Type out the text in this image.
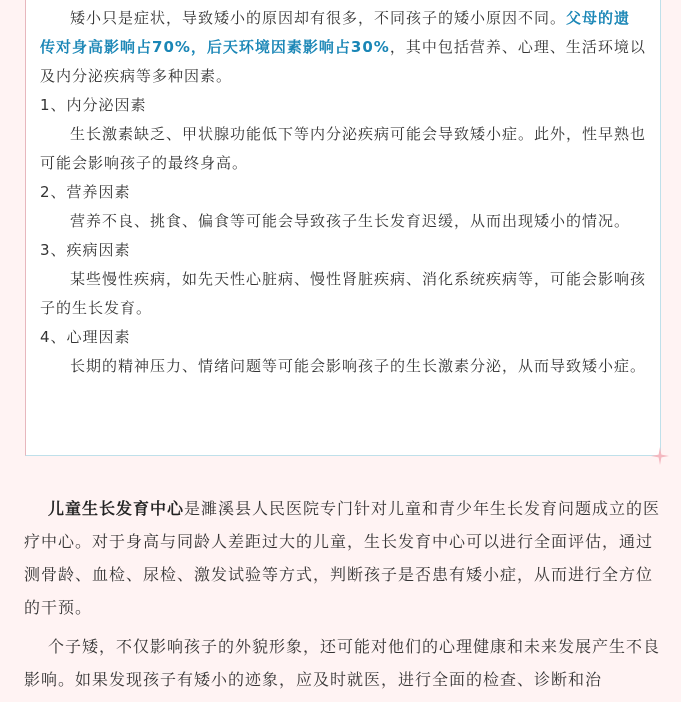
矮小只是症状，导致矮小的原因却有很多，不同孩子的矮小原因不同。父母的遗传对身高影响占70%，后天环境因素影响占30%，其中包括营养、心理、生活环境以及内分泌疾病等多种因素。

1、内分泌因素

生长激素缺乏、甲状腺功能低下等内分泌疾病可能会导致矮小症。此外，性早熟也可能会影响孩子的最终身高。

2、营养因素

营养不良、挑食、偏食等可能会导致孩子生长发育迟缓，从而出现矮小的情况。

3、疾病因素

某些慢性疾病，如先天性心脏病、慢性肾脏疾病、消化系统疾病等，可能会影响孩子的生长发育。

4、心理因素

长期的精神压力、情绪问题等可能会影响孩子的生长激素分泌，从而导致矮小症。

儿童生长发育中心是濉溪县人民医院专门针对儿童和青少年生长发育问题成立的医疗中心。对于身高与同龄人差距过大的儿童，生长发育中心可以进行全面评估，通过测骨龄、血检、尿检、激发试验等方式，判断孩子是否患有矮小症，从而进行全方位的干预。

个子矮，不仅影响孩子的外貌形象，还可能对他们的心理健康和未来发展产生不良影响。如果发现孩子有矮小的迹象，应及时就医，进行全面的检查、诊断和治
